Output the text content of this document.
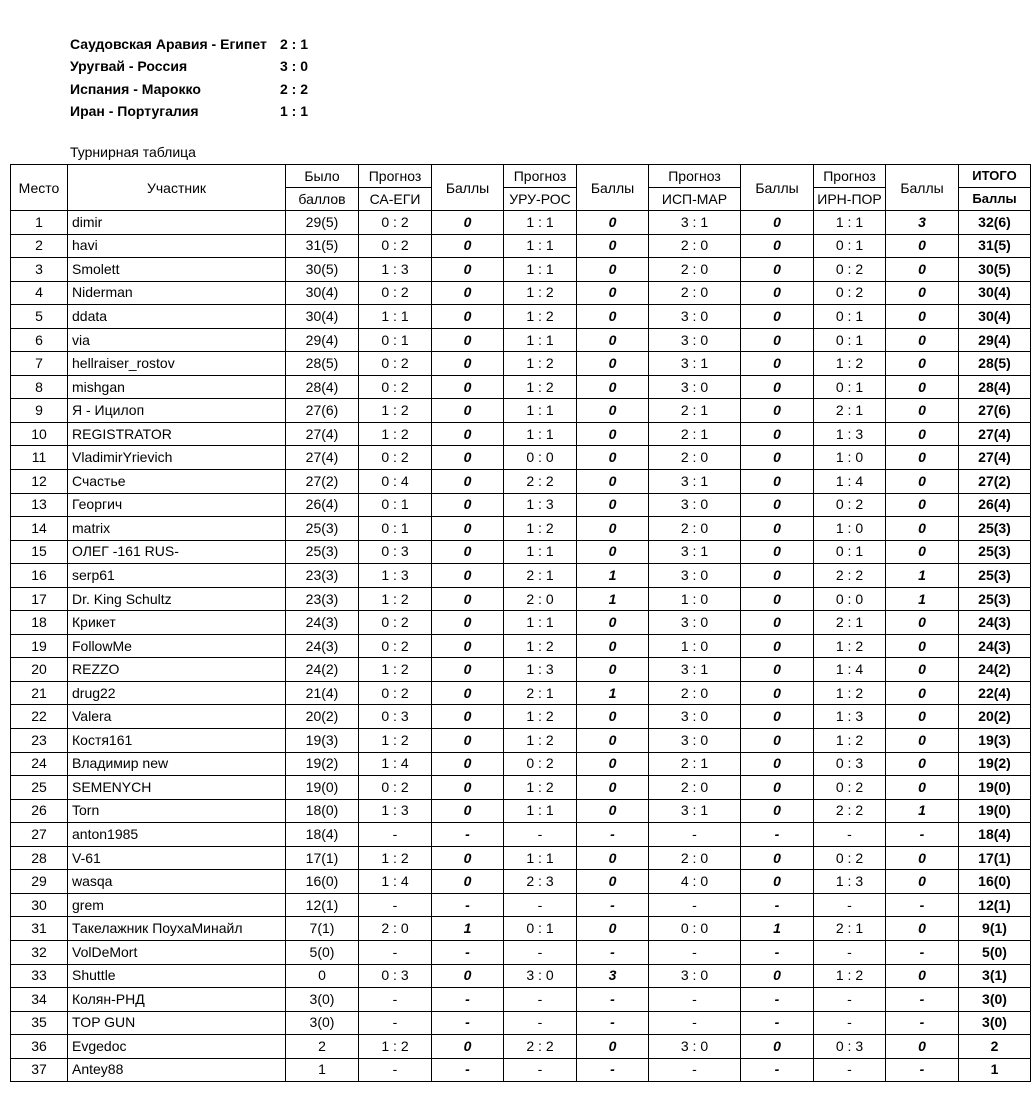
Саудовская Аравия - Египет 2 : 1
Уругвай - Россия	3 : 0
Испания - Марокко	2 : 2
Иран - Португалия	1 : 1
Турнирная таблица
Место	Участник	Было	Прогноз	Баллы	Прогноз	Баллы	Прогноз	Баллы	Прогноз	Баллы	ИТОГО
		баллов	СА-ЕГИ		УРУ-РОС		ИСП-МАР		ИРН-ПОР		Баллы
1	dimir	29(5)	0 : 2	0	1 : 1	0	3 : 1	0	1 : 1	3	32(6)
2	havi	31(5)	0 : 2	0	1 : 1	0	2 : 0	0	0 : 1	0	31(5)
3	Smolett	30(5)	1 : 3	0	1 : 1	0	2 : 0	0	0 : 2	0	30(5)
4	Niderman	30(4)	0 : 2	0	1 : 2	0	2 : 0	0	0 : 2	0	30(4)
5	ddata	30(4)	1 : 1	0	1 : 2	0	3 : 0	0	0 : 1	0	30(4)
6	via	29(4)	0 : 1	0	1 : 1	0	3 : 0	0	0 : 1	0	29(4)
7	hellraiser_rostov	28(5)	0 : 2	0	1 : 2	0	3 : 1	0	1 : 2	0	28(5)
8	mishgan	28(4)	0 : 2	0	1 : 2	0	3 : 0	0	0 : 1	0	28(4)
9	Я - Ицилоп	27(6)	1 : 2	0	1 : 1	0	2 : 1	0	2 : 1	0	27(6)
10	REGISTRATOR	27(4)	1 : 2	0	1 : 1	0	2 : 1	0	1 : 3	0	27(4)
11	VladimirYrievich	27(4)	0 : 2	0	0 : 0	0	2 : 0	0	1 : 0	0	27(4)
12	Счастье	27(2)	0 : 4	0	2 : 2	0	3 : 1	0	1 : 4	0	27(2)
13	Георгич	26(4)	0 : 1	0	1 : 3	0	3 : 0	0	0 : 2	0	26(4)
14	matrix	25(3)	0 : 1	0	1 : 2	0	2 : 0	0	1 : 0	0	25(3)
15	ОЛЕГ -161 RUS-	25(3)	0 : 3	0	1 : 1	0	3 : 1	0	0 : 1	0	25(3)
16	serp61	23(3)	1 : 3	0	2 : 1	1	3 : 0	0	2 : 2	1	25(3)
17	Dr. King Schultz	23(3)	1 : 2	0	2 : 0	1	1 : 0	0	0 : 0	1	25(3)
18	Крикет	24(3)	0 : 2	0	1 : 1	0	3 : 0	0	2 : 1	0	24(3)
19	FollowMe	24(3)	0 : 2	0	1 : 2	0	1 : 0	0	1 : 2	0	24(3)
20	REZZO	24(2)	1 : 2	0	1 : 3	0	3 : 1	0	1 : 4	0	24(2)
21	drug22	21(4)	0 : 2	0	2 : 1	1	2 : 0	0	1 : 2	0	22(4)
22	Valera	20(2)	0 : 3	0	1 : 2	0	3 : 0	0	1 : 3	0	20(2)
23	Костя161	19(3)	1 : 2	0	1 : 2	0	3 : 0	0	1 : 2	0	19(3)
24	Владимир new	19(2)	1 : 4	0	0 : 2	0	2 : 1	0	0 : 3	0	19(2)
25	SEMENYCH	19(0)	0 : 2	0	1 : 2	0	2 : 0	0	0 : 2	0	19(0)
26	Torn	18(0)	1 : 3	0	1 : 1	0	3 : 1	0	2 : 2	1	19(0)
27	anton1985	18(4)	-	-	-	-	-	-	-	-	18(4)
28	V-61	17(1)	1 : 2	0	1 : 1	0	2 : 0	0	0 : 2	0	17(1)
29	wasqa	16(0)	1 : 4	0	2 : 3	0	4 : 0	0	1 : 3	0	16(0)
30	grem	12(1)	-	-	-	-	-	-	-	-	12(1)
31	Такелажник ПоухаМинайл	7(1)	2 : 0	1	0 : 1	0	0 : 0	1	2 : 1	0	9(1)
32	VolDeMort	5(0)	-	-	-	-	-	-	-	-	5(0)
33	Shuttle	0	0 : 3	0	3 : 0	3	3 : 0	0	1 : 2	0	3(1)
34	Колян-РНД	3(0)	-	-	-	-	-	-	-	-	3(0)
35	TOP GUN	3(0)	-	-	-	-	-	-	-	-	3(0)
36	Evgedoc	2	1 : 2	0	2 : 2	0	3 : 0	0	0 : 3	0	2
37	Antey88	1	-	-	-	-	-	-	-	-	1
